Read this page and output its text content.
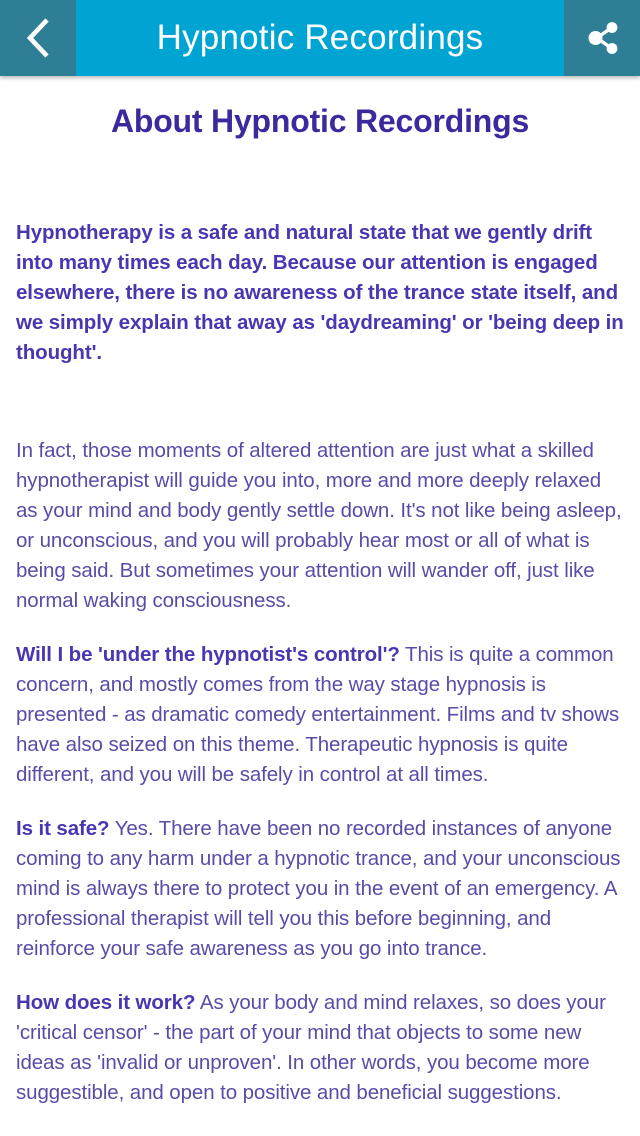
Hypnotic Recordings
About Hypnotic Recordings

Hypnotherapy is a safe and natural state that we gently drift into many times each day. Because our attention is engaged elsewhere, there is no awareness of the trance state itself, and we simply explain that away as 'daydreaming' or 'being deep in thought'.

In fact, those moments of altered attention are just what a skilled hypnotherapist will guide you into, more and more deeply relaxed as your mind and body gently settle down. It's not like being asleep, or unconscious, and you will probably hear most or all of what is being said. But sometimes your attention will wander off, just like normal waking consciousness.

Will I be 'under the hypnotist's control'? This is quite a common concern, and mostly comes from the way stage hypnosis is presented - as dramatic comedy entertainment. Films and tv shows have also seized on this theme. Therapeutic hypnosis is quite different, and you will be safely in control at all times.

Is it safe? Yes. There have been no recorded instances of anyone coming to any harm under a hypnotic trance, and your unconscious mind is always there to protect you in the event of an emergency. A professional therapist will tell you this before beginning, and reinforce your safe awareness as you go into trance.

How does it work? As your body and mind relaxes, so does your 'critical censor' - the part of your mind that objects to some new ideas as 'invalid or unproven'. In other words, you become more suggestible, and open to positive and beneficial suggestions.
